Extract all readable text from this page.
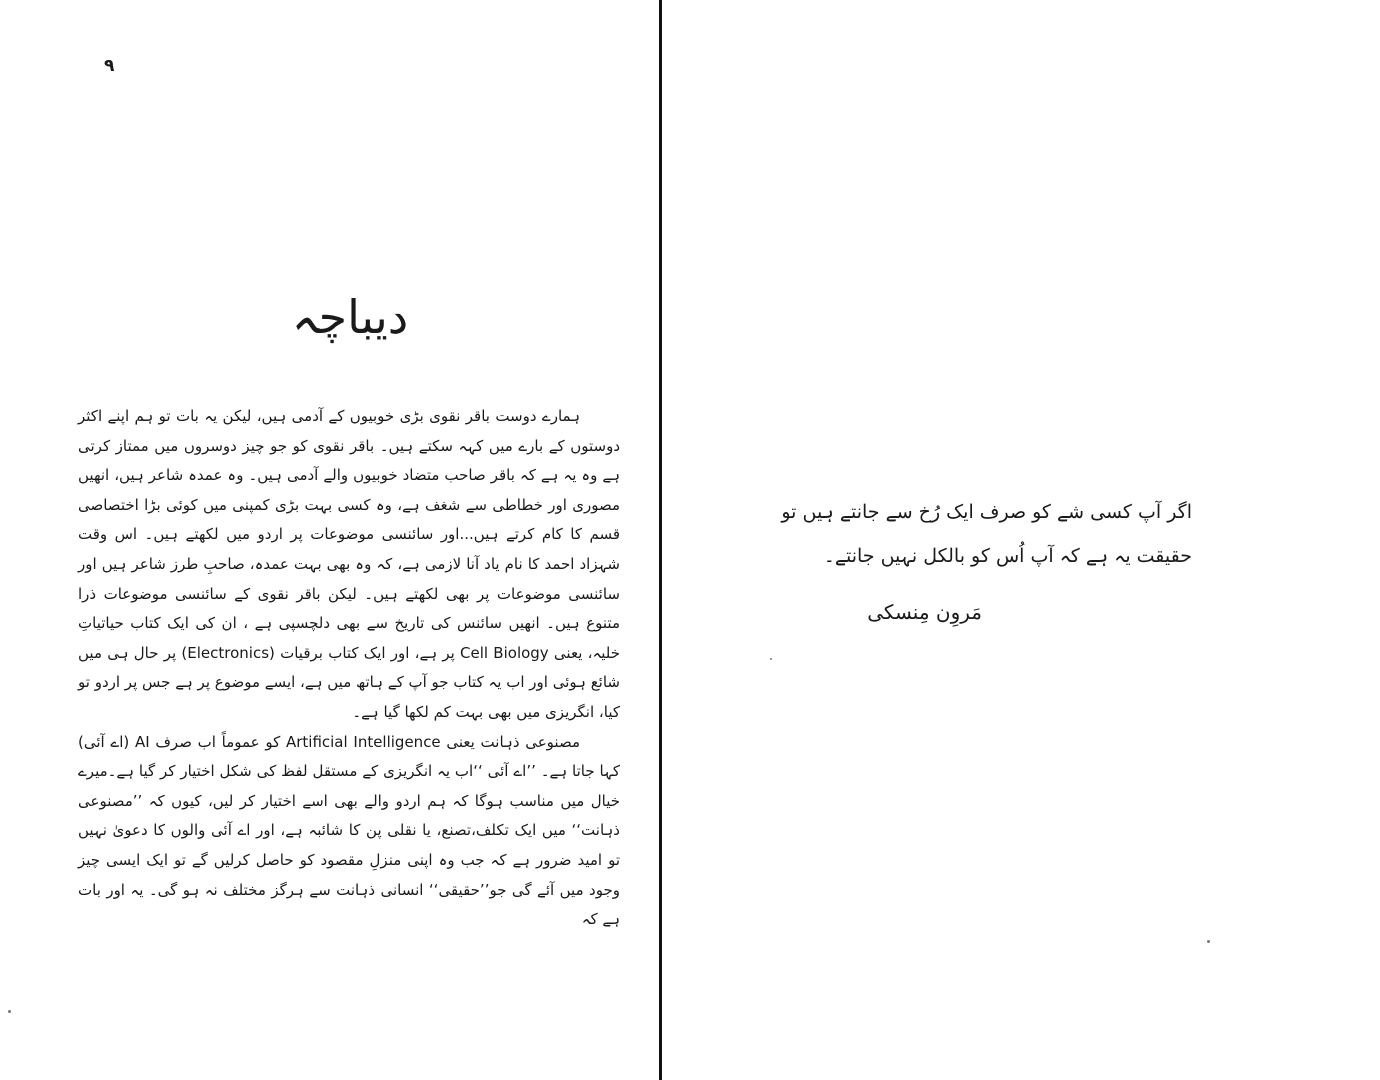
۹
دیباچہ

ہمارے دوست باقر نقوی بڑی خوبیوں کے آدمی ہیں، لیکن یہ بات تو ہم اپنے اکثر دوستوں کے بارے میں کہہ سکتے ہیں۔ باقر نقوی کو جو چیز دوسروں میں ممتاز کرتی ہے وہ یہ ہے کہ باقر صاحب متضاد خوبیوں والے آدمی ہیں۔ وہ عمدہ شاعر ہیں، انھیں مصوری اور خطاطی سے شغف ہے، وہ کسی بہت بڑی کمپنی میں کوئی بڑا اختصاصی قسم کا کام کرتے ہیں...اور سائنسی موضوعات پر اردو میں لکھتے ہیں۔ اس وقت شہزاد احمد کا نام یاد آنا لازمی ہے، کہ وہ بھی بہت عمدہ، صاحبِ طرز شاعر ہیں اور سائنسی موضوعات پر بھی لکھتے ہیں۔ لیکن باقر نقوی کے سائنسی موضوعات ذرا متنوع ہیں۔ انھیں سائنس کی تاریخ سے بھی دلچسپی ہے ، ان کی ایک کتاب حیاتیاتِ خلیہ، یعنی Cell Biology پر ہے، اور ایک کتاب برقیات (Electronics) پر حال ہی میں شائع ہوئی اور اب یہ کتاب جو آپ کے ہاتھ میں ہے، ایسے موضوع پر ہے جس پر اردو تو کیا، انگریزی میں بھی بہت کم لکھا گیا ہے۔

مصنوعی ذہانت یعنی Artificial Intelligence کو عموماً اب صرف AI (اے آئی) کہا جاتا ہے۔ ’’اے آئی ‘‘اب یہ انگریزی کے مستقل لفظ کی شکل اختیار کر گیا ہے۔میرے خیال میں مناسب ہوگا کہ ہم اردو والے بھی اسے اختیار کر لیں، کیوں کہ ’’مصنوعی ذہانت‘‘ میں ایک تکلف،تصنع، یا نقلی پن کا شائبہ ہے، اور اے آئی والوں کا دعویٰ نہیں تو امید ضرور ہے کہ جب وہ اپنی منزلِ مقصود کو حاصل کرلیں گے تو ایک ایسی چیز وجود میں آئے گی جو’’حقیقی‘‘ انسانی ذہانت سے ہرگز مختلف نہ ہو گی۔ یہ اور بات ہے کہ

اگر آپ کسی شے کو صرف ایک رُخ سے جانتے ہیں تو
حقیقت یہ ہے کہ آپ اُس کو بالکل نہیں جانتے۔
مَروِن مِنسکی
